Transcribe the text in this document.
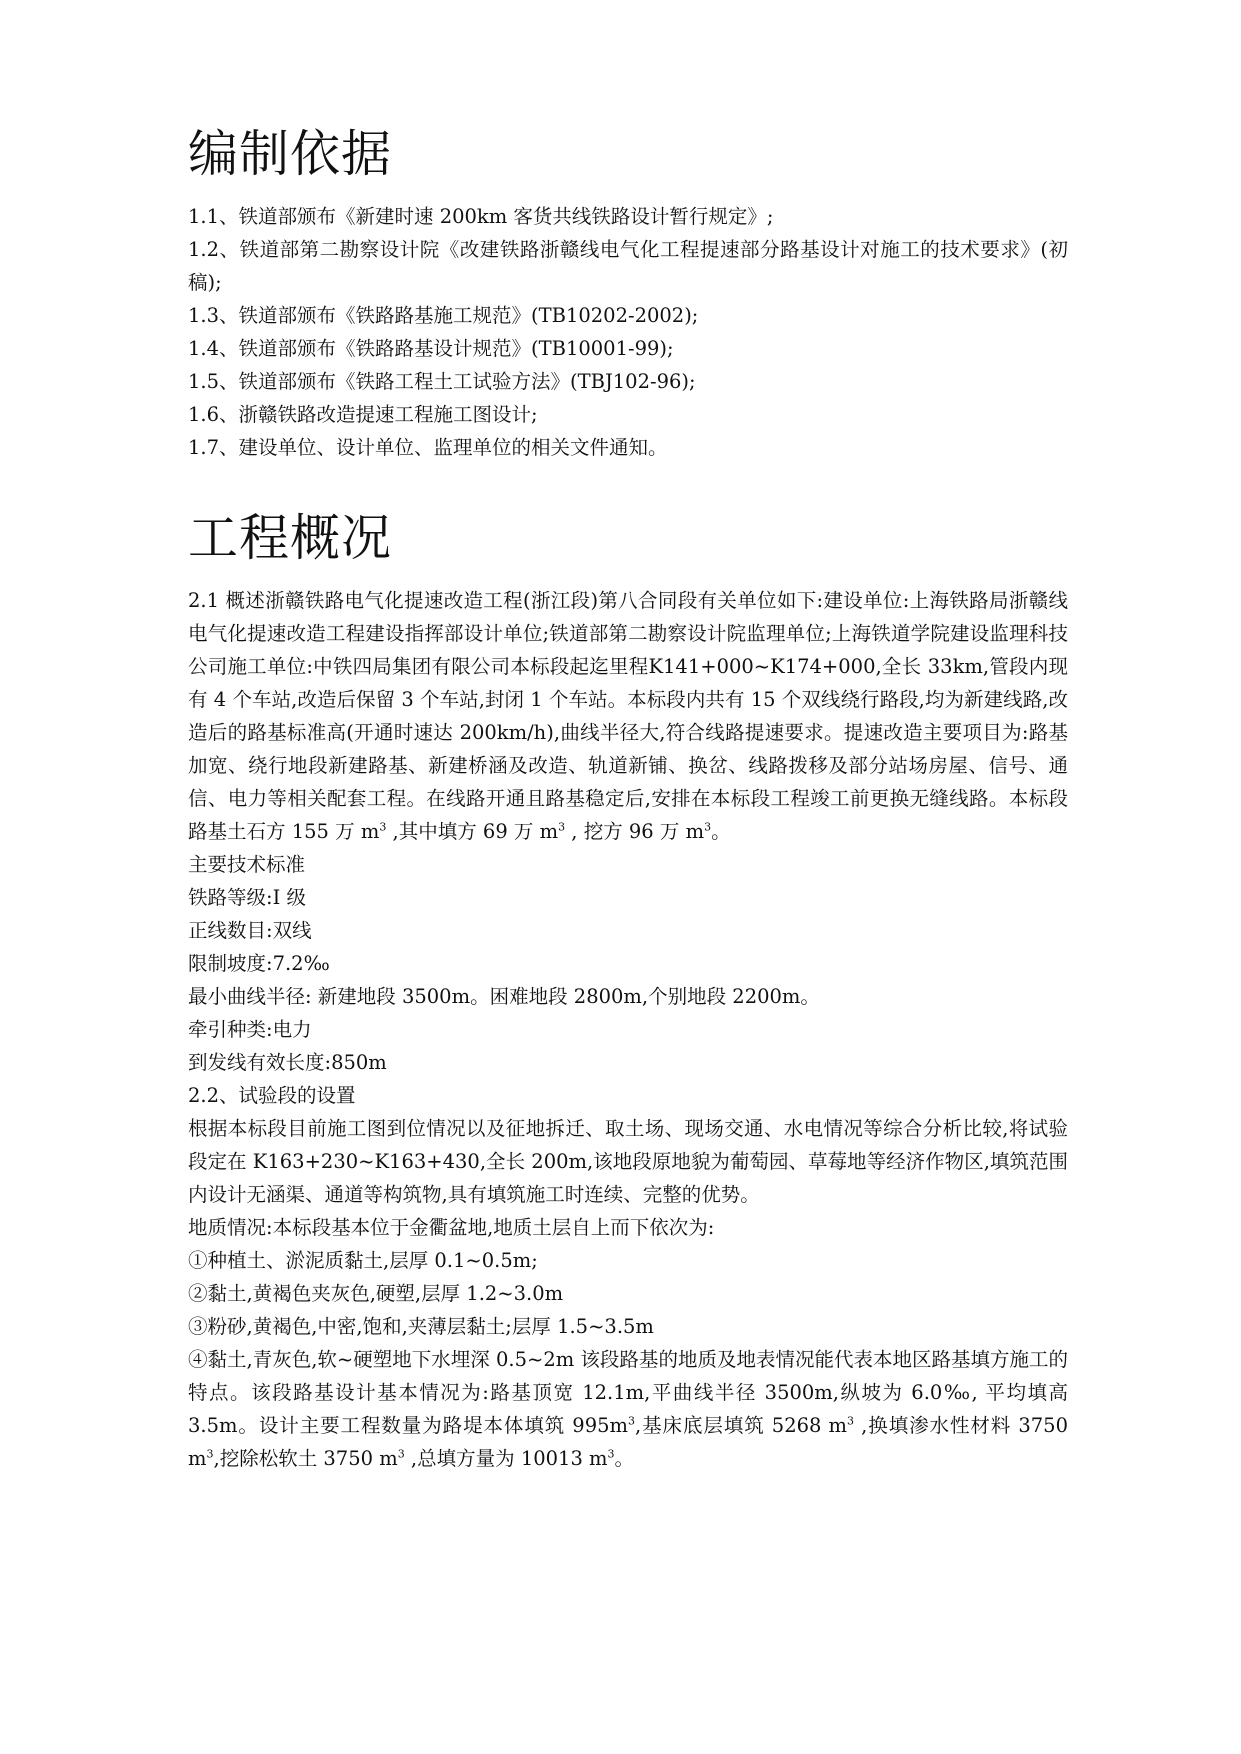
编制依据

1.1、铁道部颁布《新建时速 200km 客货共线铁路设计暂行规定》;

1.2、铁道部第二勘察设计院《改建铁路浙赣线电气化工程提速部分路基设计对施工的技术要求》(初稿);

1.3、铁道部颁布《铁路路基施工规范》(TB10202-2002);

1.4、铁道部颁布《铁路路基设计规范》(TB10001-99);

1.5、铁道部颁布《铁路工程土工试验方法》(TBJ102-96);

1.6、浙赣铁路改造提速工程施工图设计;

1.7、建设单位、设计单位、监理单位的相关文件通知。

工程概况

2.1 概述浙赣铁路电气化提速改造工程(浙江段)第八合同段有关单位如下:建设单位:上海铁路局浙赣线电气化提速改造工程建设指挥部设计单位;铁道部第二勘察设计院监理单位;上海铁道学院建设监理科技公司施工单位:中铁四局集团有限公司本标段起迄里程K141+000~K174+000,全长 33km,管段内现有 4 个车站,改造后保留 3 个车站,封闭 1 个车站。本标段内共有 15 个双线绕行路段,均为新建线路,改造后的路基标准高(开通时速达 200km/h),曲线半径大,符合线路提速要求。提速改造主要项目为:路基加宽、绕行地段新建路基、新建桥涵及改造、轨道新铺、换岔、线路拨移及部分站场房屋、信号、通信、电力等相关配套工程。在线路开通且路基稳定后,安排在本标段工程竣工前更换无缝线路。本标段路基土石方 155 万 $m^3$ ,其中填方 69 万 $m^3$ , 挖方 96 万 $m^3$。

主要技术标准

铁路等级:I 级

正线数目:双线

限制坡度:7.2‰

最小曲线半径: 新建地段 3500m。困难地段 2800m,个别地段 2200m。

牵引种类:电力

到发线有效长度:850m

2.2、试验段的设置

根据本标段目前施工图到位情况以及征地拆迁、取土场、现场交通、水电情况等综合分析比较,将试验段定在 K163+230~K163+430,全长 200m,该地段原地貌为葡萄园、草莓地等经济作物区,填筑范围内设计无涵渠、通道等构筑物,具有填筑施工时连续、完整的优势。

地质情况:本标段基本位于金衢盆地,地质土层自上而下依次为:

①种植土、淤泥质黏土,层厚 0.1~0.5m;

②黏土,黄褐色夹灰色,硬塑,层厚 1.2~3.0m

③粉砂,黄褐色,中密,饱和,夹薄层黏土;层厚 1.5~3.5m

④黏土,青灰色,软~硬塑地下水埋深 0.5~2m 该段路基的地质及地表情况能代表本地区路基填方施工的特点。该段路基设计基本情况为:路基顶宽 12.1m,平曲线半径 3500m,纵坡为 6.0‰, 平均填高 3.5m。设计主要工程数量为路堤本体填筑 $995m^3$,基床底层填筑 5268 $m^3$ ,换填渗水性材料 3750 $m^3$,挖除松软土 3750 $m^3$ ,总填方量为 10013 $m^3$。
